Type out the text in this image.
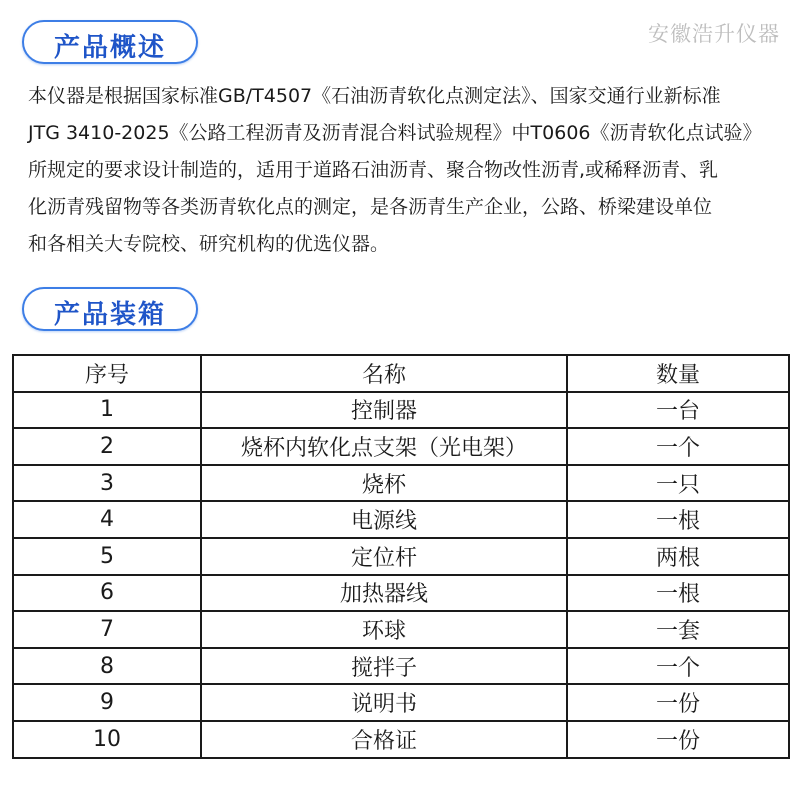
产品概述	安徽浩升仪器
本仪器是根据国家标准GB/T4507《石油沥青软化点测定法》、国家交通行业新标准
JTG 3410-2025《公路工程沥青及沥青混合料试验规程》中T0606《沥青软化点试验》
所规定的要求设计制造的，适用于道路石油沥青、聚合物改性沥青,或稀释沥青、乳
化沥青残留物等各类沥青软化点的测定，是各沥青生产企业，公路、桥梁建设单位
和各相关大专院校、研究机构的优选仪器。
产品装箱
序号	名称	数量
1	控制器	一台
2	烧杯内软化点支架（光电架）	一个
3	烧杯	一只
4	电源线	一根
5	定位杆	两根
6	加热器线	一根
7	环球	一套
8	搅拌子	一个
9	说明书	一份
10	合格证	一份
